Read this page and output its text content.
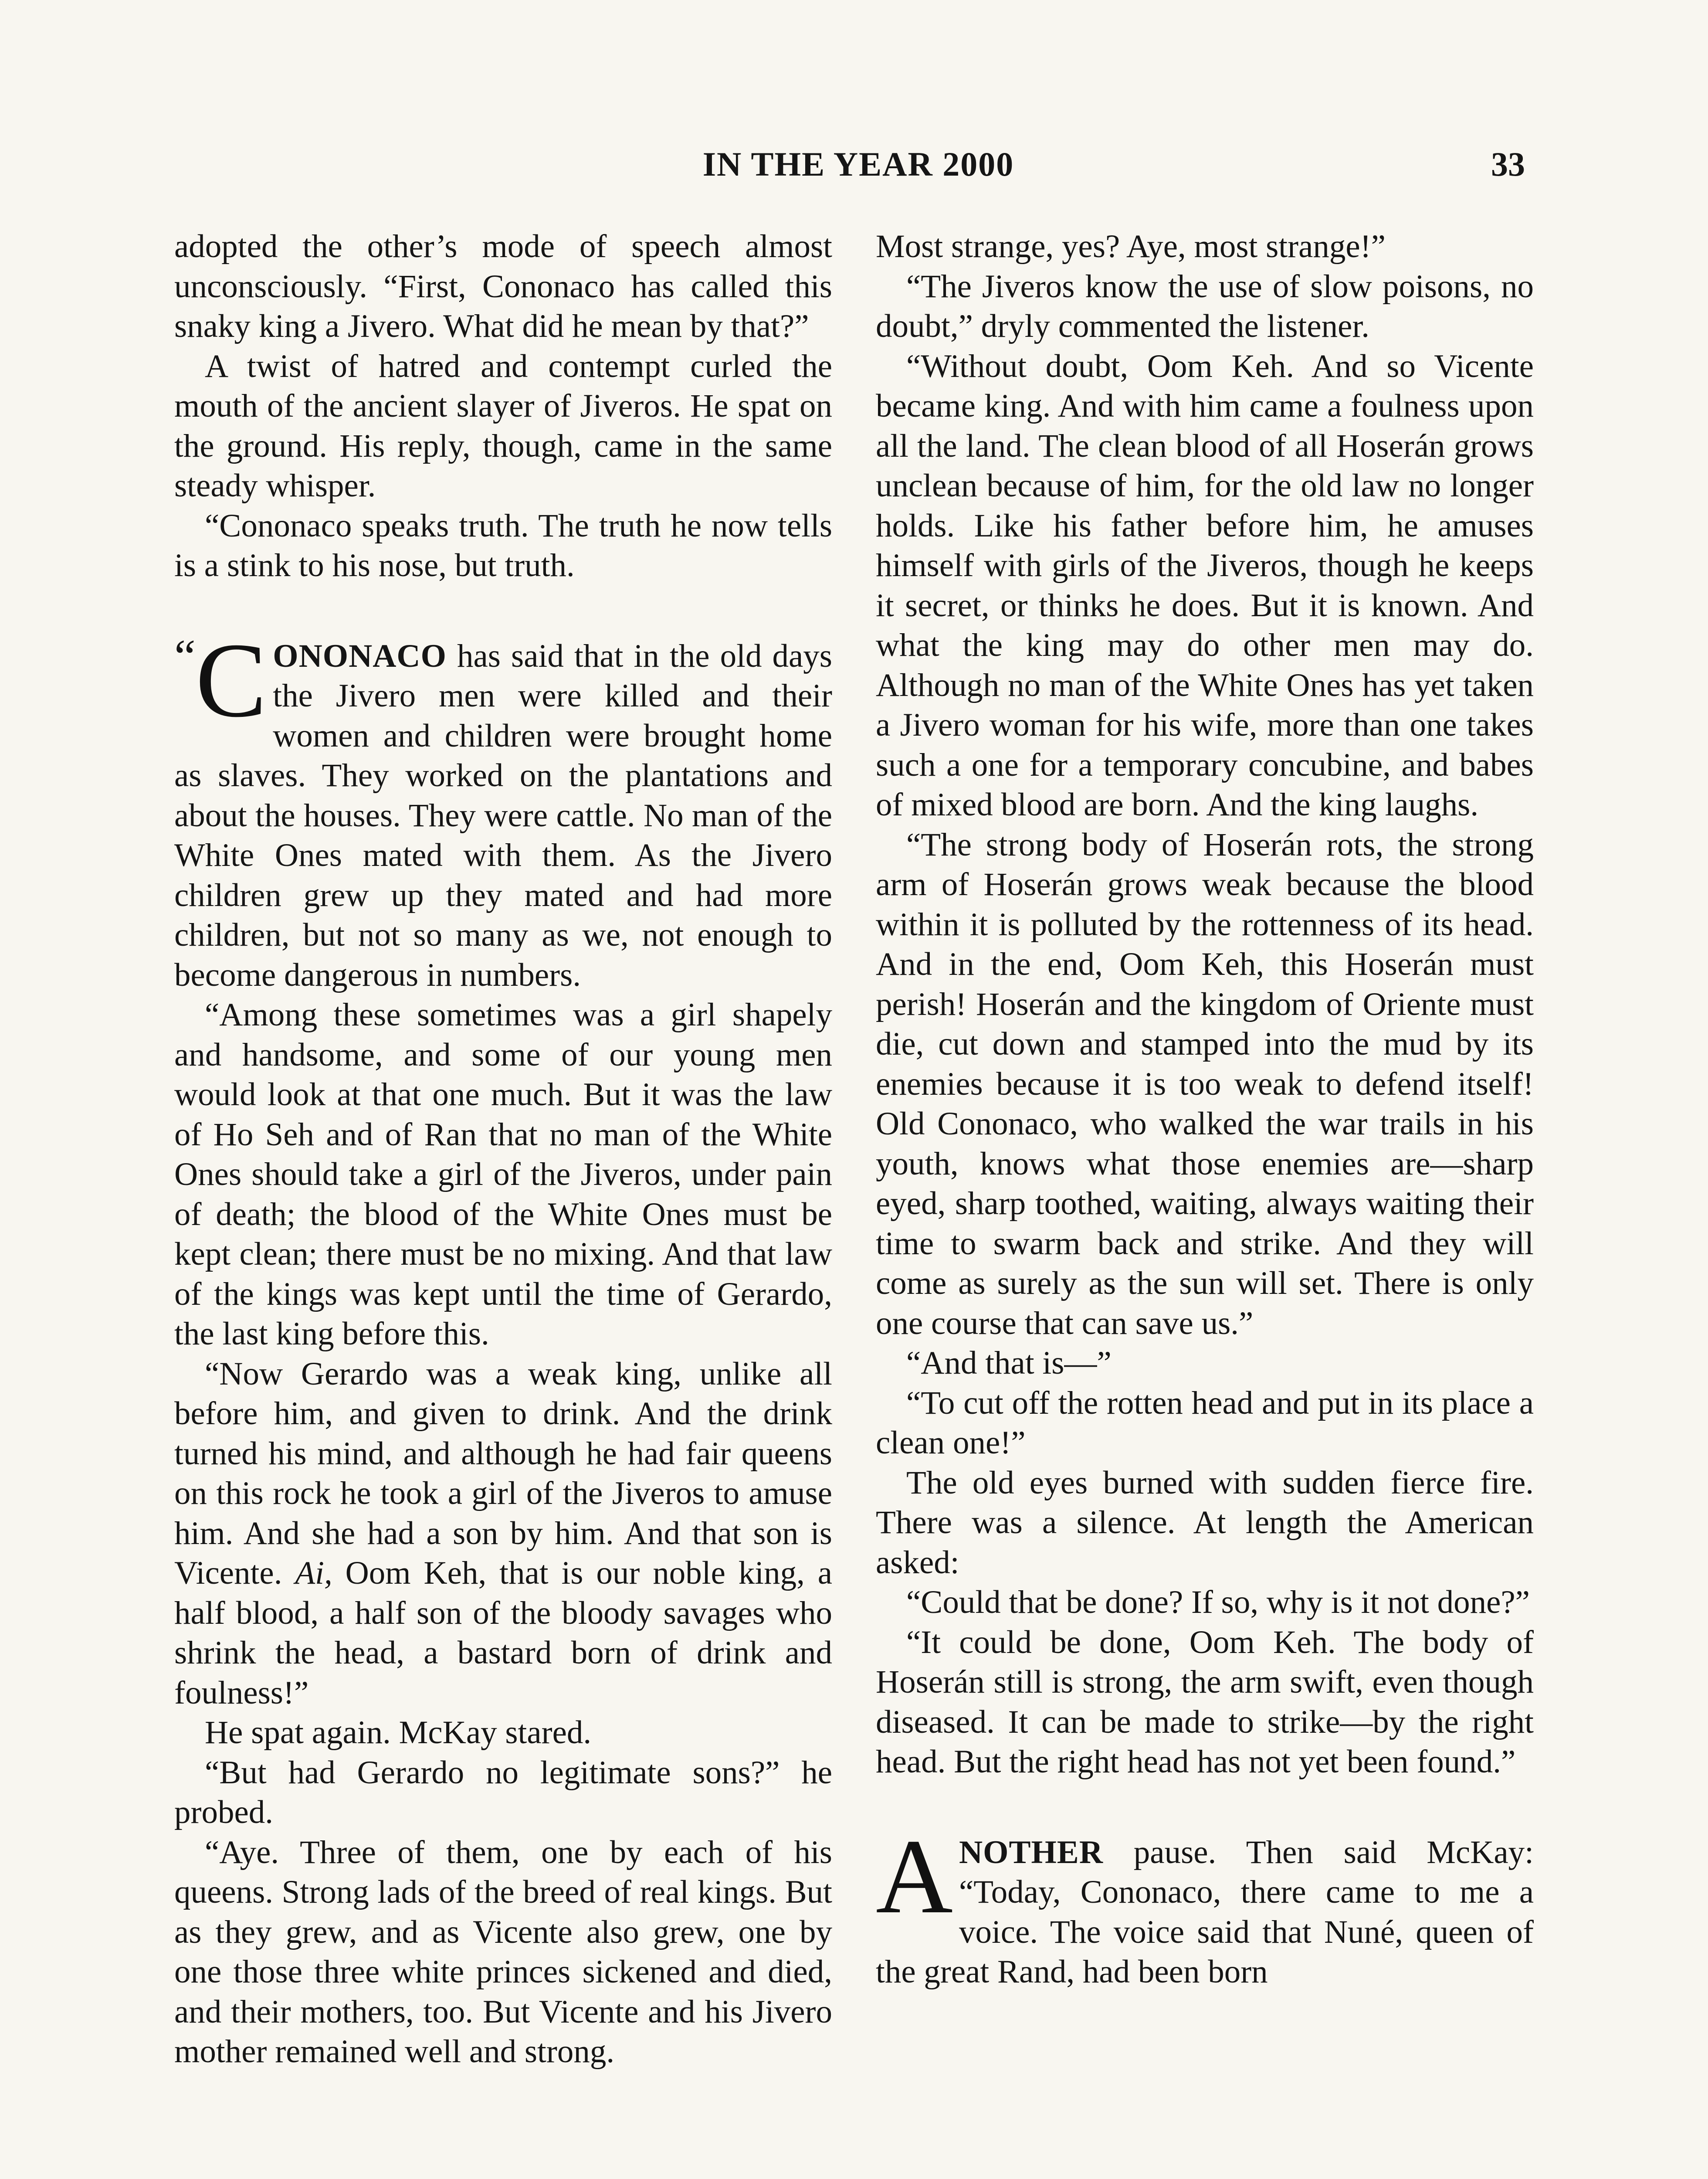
IN THE YEAR 2000	33

adopted the other’s mode of speech almost unconsciously. “First, Cononaco has called this snaky king a Jivero. What did he mean by that?”

A twist of hatred and contempt curled the mouth of the ancient slayer of Jiveros. He spat on the ground. His reply, though, came in the same steady whisper.

“Cononaco speaks truth. The truth he now tells is a stink to his nose, but truth.

“ C ONONACO has said that in the old days the Jivero men were killed and their women and children were brought home as slaves. They worked on the plantations and about the houses. They were cattle. No man of the White Ones mated with them. As the Jivero children grew up they mated and had more children, but not so many as we, not enough to become dangerous in numbers.

“Among these sometimes was a girl shapely and handsome, and some of our young men would look at that one much. But it was the law of Ho Seh and of Ran that no man of the White Ones should take a girl of the Jiveros, under pain of death; the blood of the White Ones must be kept clean; there must be no mixing. And that law of the kings was kept until the time of Gerardo, the last king before this.

“Now Gerardo was a weak king, unlike all before him, and given to drink. And the drink turned his mind, and although he had fair queens on this rock he took a girl of the Jiveros to amuse him. And she had a son by him. And that son is Vicente. Ai, Oom Keh, that is our noble king, a half blood, a half son of the bloody savages who shrink the head, a bastard born of drink and foulness!”

He spat again. McKay stared.

“But had Gerardo no legitimate sons?” he probed.

“Aye. Three of them, one by each of his queens. Strong lads of the breed of real kings. But as they grew, and as Vicente also grew, one by one those three white princes sickened and died, and their mothers, too. But Vicente and his Jivero mother remained well and strong.

Most strange, yes? Aye, most strange!”

“The Jiveros know the use of slow poisons, no doubt,” dryly commented the listener.

“Without doubt, Oom Keh. And so Vicente became king. And with him came a foulness upon all the land. The clean blood of all Hoserán grows unclean because of him, for the old law no longer holds. Like his father before him, he amuses himself with girls of the Jiveros, though he keeps it secret, or thinks he does. But it is known. And what the king may do other men may do. Although no man of the White Ones has yet taken a Jivero woman for his wife, more than one takes such a one for a temporary concubine, and babes of mixed blood are born. And the king laughs.

“The strong body of Hoserán rots, the strong arm of Hoserán grows weak because the blood within it is polluted by the rottenness of its head. And in the end, Oom Keh, this Hoserán must perish! Hoserán and the kingdom of Oriente must die, cut down and stamped into the mud by its enemies because it is too weak to defend itself! Old Cononaco, who walked the war trails in his youth, knows what those enemies are—sharp eyed, sharp toothed, waiting, always waiting their time to swarm back and strike. And they will come as surely as the sun will set. There is only one course that can save us.”

“And that is—”

“To cut off the rotten head and put in its place a clean one!”

The old eyes burned with sudden fierce fire. There was a silence. At length the American asked:

“Could that be done? If so, why is it not done?”

“It could be done, Oom Keh. The body of Hoserán still is strong, the arm swift, even though diseased. It can be made to strike—by the right head. But the right head has not yet been found.”

ANOTHER pause. Then said McKay: “Today, Cononaco, there came to me a voice. The voice said that Nuné, queen of the great Rand, had been born
